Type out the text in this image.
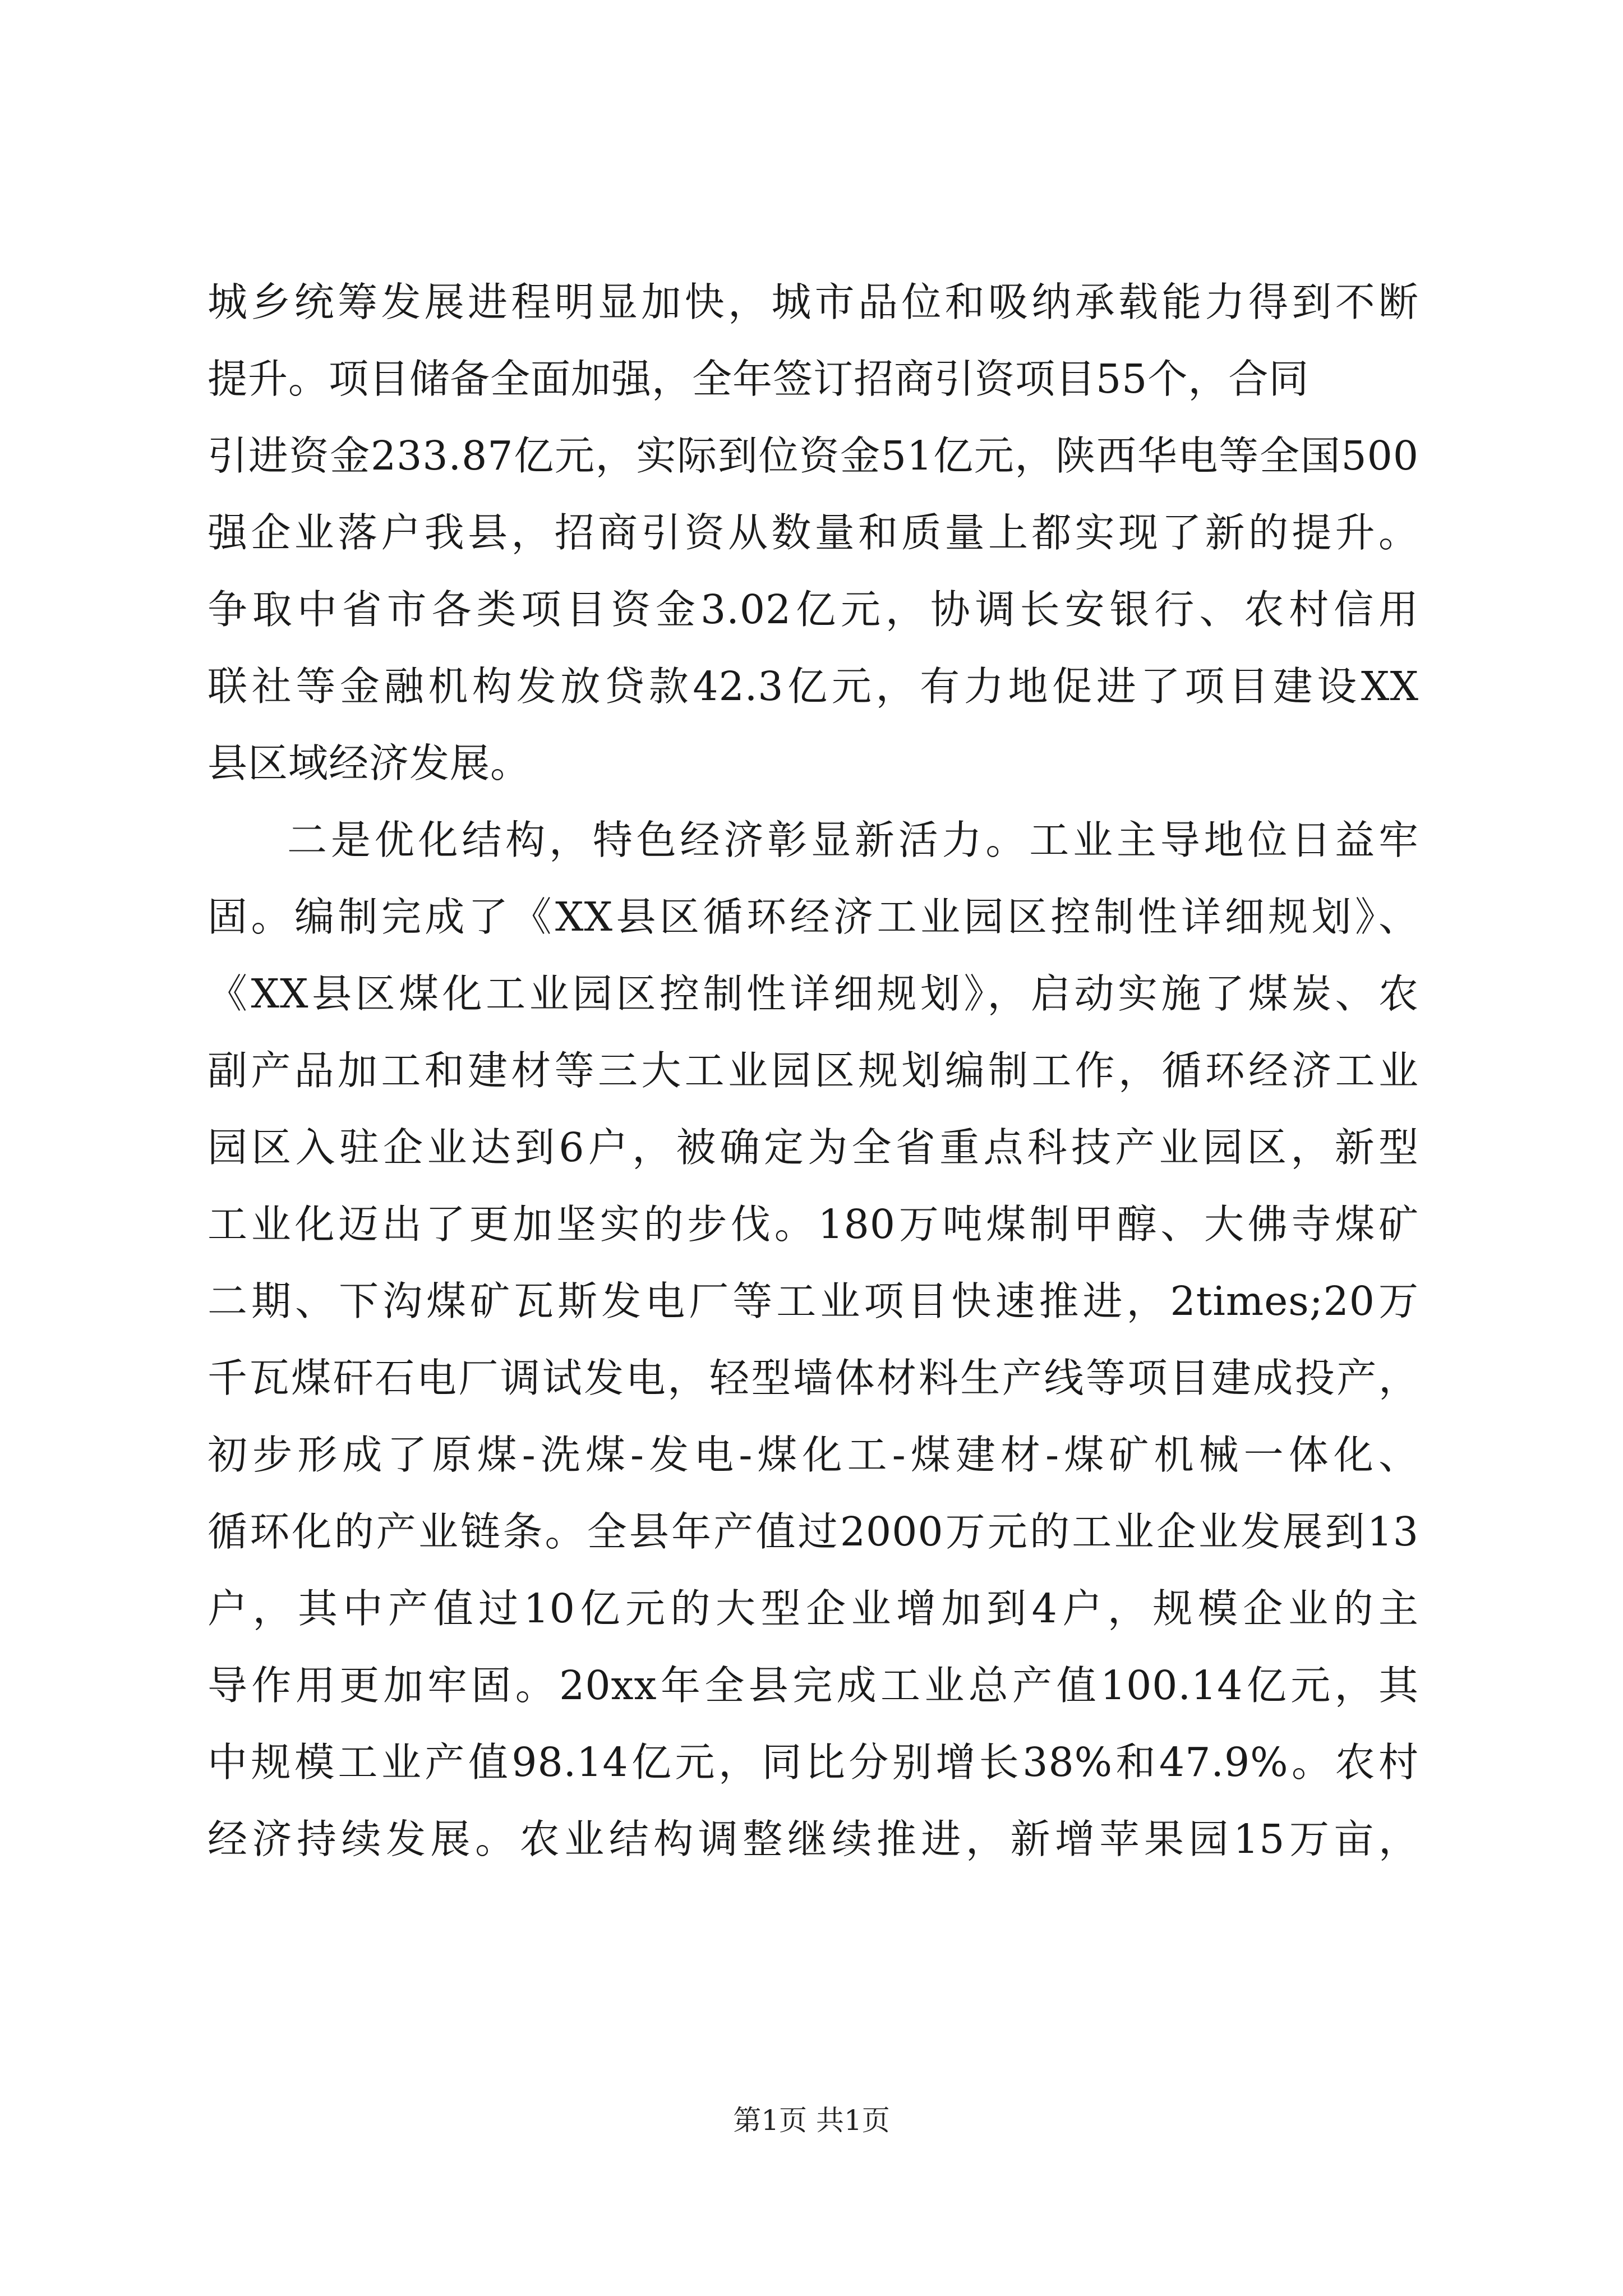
城乡统筹发展进程明显加快，城市品位和吸纳承载能力得到不断
提升。项目储备全面加强，全年签订招商引资项目55个，合同
引进资金233.87亿元，实际到位资金51亿元，陕西华电等全国500
强企业落户我县，招商引资从数量和质量上都实现了新的提升。
争取中省市各类项目资金3.02亿元，协调长安银行、农村信用
联社等金融机构发放贷款42.3亿元，有力地促进了项目建设XX
县区域经济发展。
二是优化结构，特色经济彰显新活力。工业主导地位日益牢
固。编制完成了《XX县区循环经济工业园区控制性详细规划》、
《XX县区煤化工业园区控制性详细规划》，启动实施了煤炭、农
副产品加工和建材等三大工业园区规划编制工作，循环经济工业
园区入驻企业达到6户，被确定为全省重点科技产业园区，新型
工业化迈出了更加坚实的步伐。180万吨煤制甲醇、大佛寺煤矿
二期、下沟煤矿瓦斯发电厂等工业项目快速推进，2times;20万
千瓦煤矸石电厂调试发电，轻型墙体材料生产线等项目建成投产，
初步形成了原煤-洗煤-发电-煤化工-煤建材-煤矿机械一体化、
循环化的产业链条。全县年产值过2000万元的工业企业发展到13
户，其中产值过10亿元的大型企业增加到4户，规模企业的主
导作用更加牢固。20xx年全县完成工业总产值100.14亿元，其
中规模工业产值98.14亿元，同比分别增长38%和47.9%。农村
经济持续发展。农业结构调整继续推进，新增苹果园15万亩，
第1页 共1页
